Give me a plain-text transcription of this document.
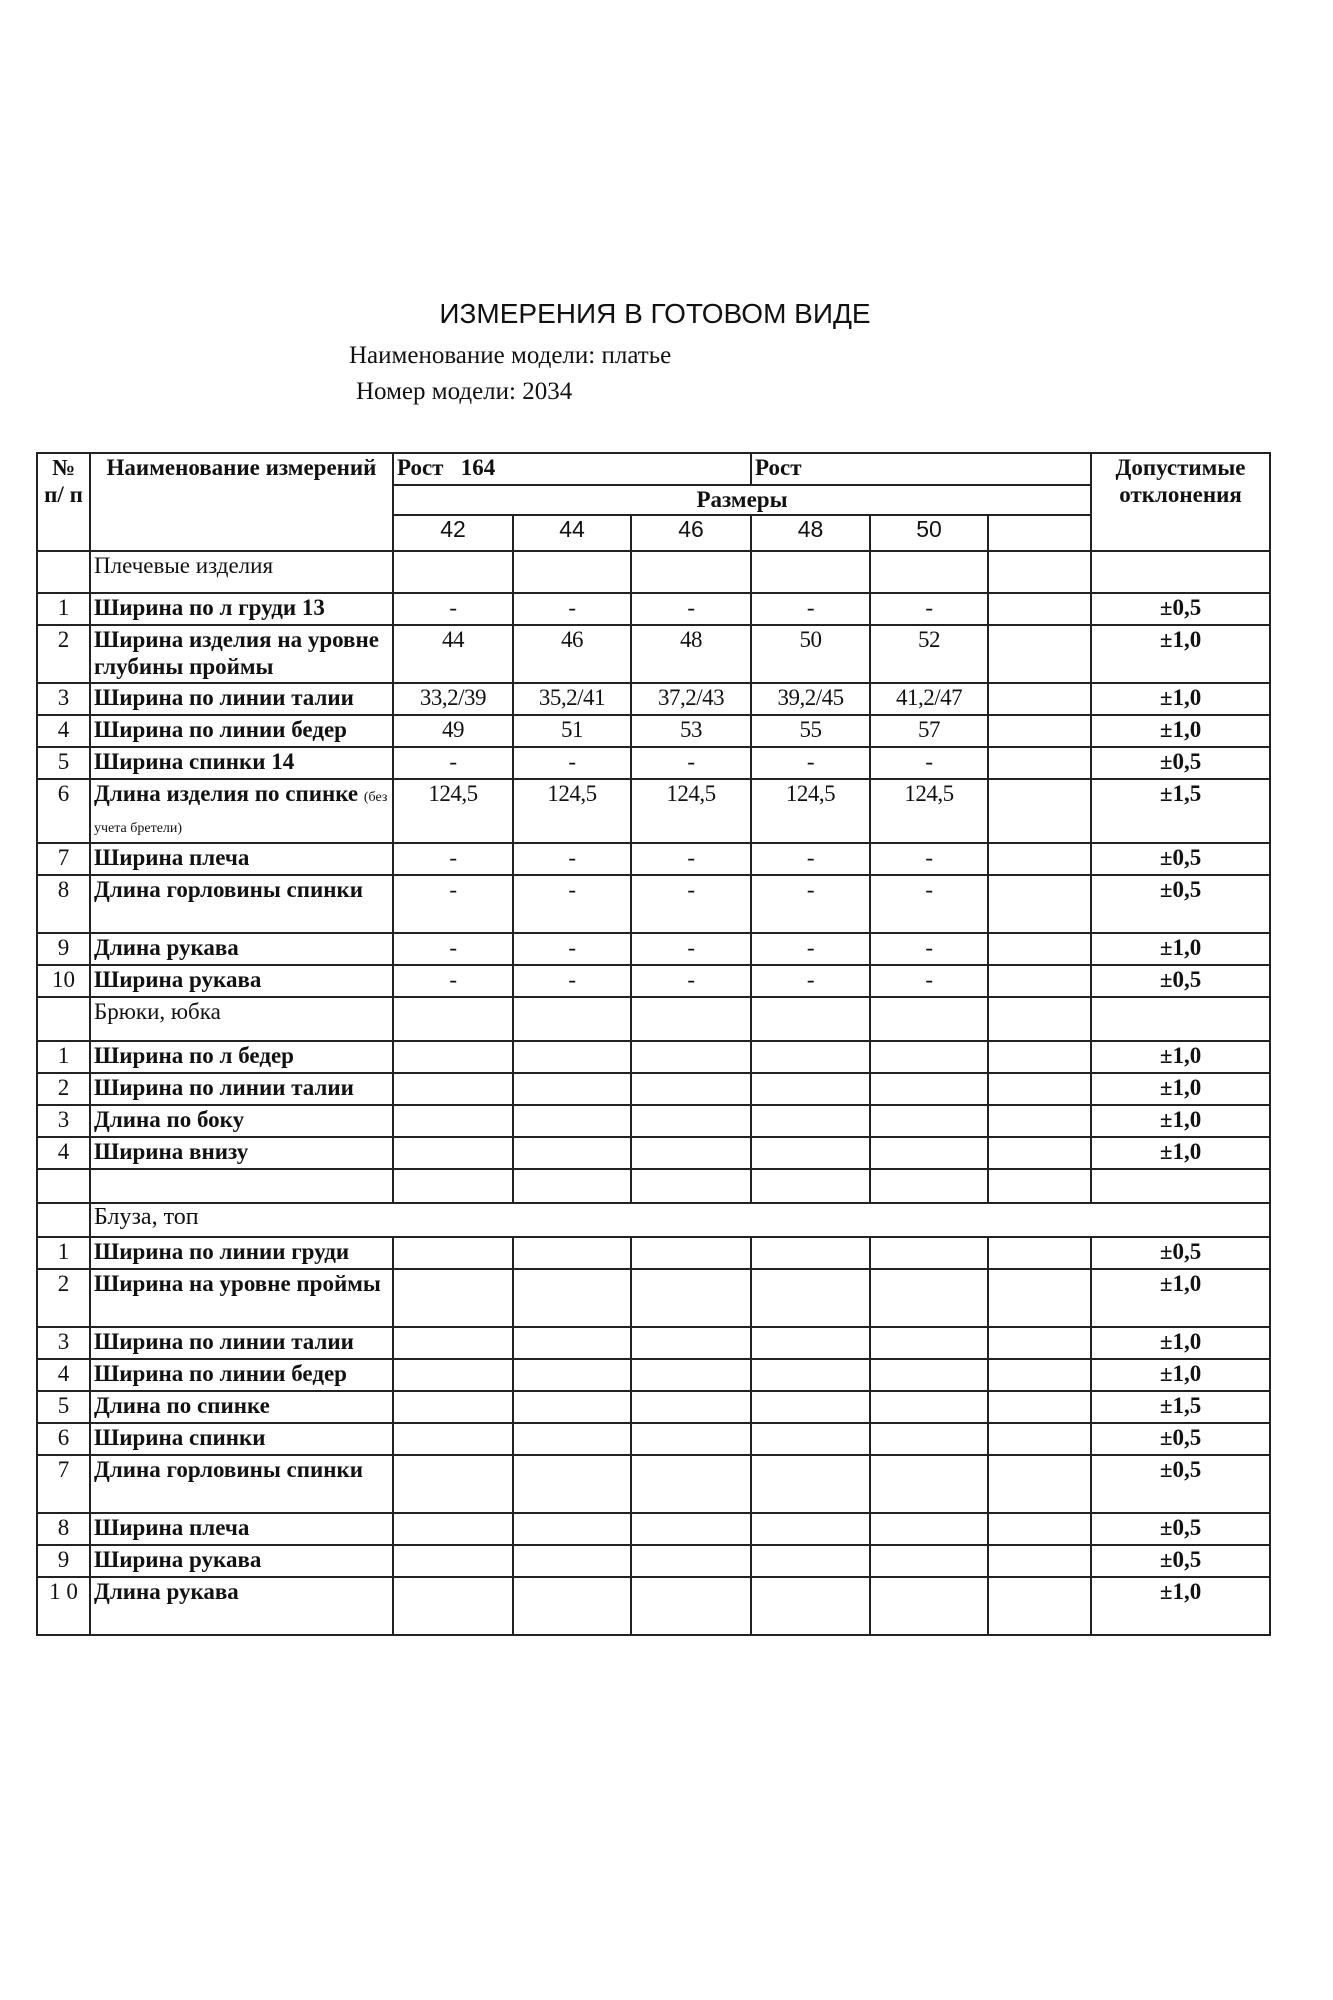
ИЗМЕРЕНИЯ В ГОТОВОМ ВИДЕ
Наименование модели: платье
Номер модели: 2034
№ п/ п	Наименование измерений	Рост   164			Рост			Допустимые отклонения
		Размеры						
		42	44	46	48	50		
	Плечевые изделия							
1	Ширина по л груди 13	-	-	-	-	-		±0,5
2	Ширина изделия на уровне глубины проймы	44	46	48	50	52		±1,0
3	Ширина по линии талии	33,2/39	35,2/41	37,2/43	39,2/45	41,2/47		±1,0
4	Ширина по линии бедер	49	51	53	55	57		±1,0
5	Ширина спинки 14	-	-	-	-	-		±0,5
6	Длина изделия по спинке (без учета бретели)	124,5	124,5	124,5	124,5	124,5		±1,5
7	Ширина плеча	-	-	-	-	-		±0,5
8	Длина горловины спинки	-	-	-	-	-		±0,5
9	Длина рукава	-	-	-	-	-		±1,0
10	Ширина рукава	-	-	-	-	-		±0,5
	Брюки, юбка							
1	Ширина по л бедер							±1,0
2	Ширина по линии талии							±1,0
3	Длина по боку							±1,0
4	Ширина внизу							±1,0

	Блуза, топ							
1	Ширина по линии груди							±0,5
2	Ширина на уровне проймы							±1,0
3	Ширина по линии талии							±1,0
4	Ширина по линии бедер							±1,0
5	Длина по спинке							±1,5
6	Ширина спинки							±0,5
7	Длина горловины спинки							±0,5
8	Ширина плеча							±0,5
9	Ширина рукава							±0,5
1 0	Длина рукава							±1,0
